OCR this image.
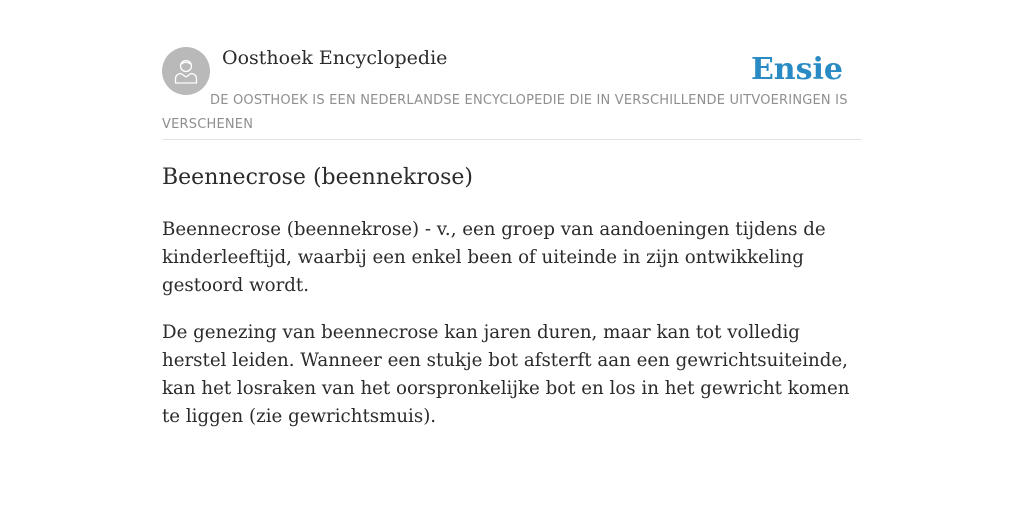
Oosthoek Encyclopedie	Ensie

DE OOSTHOEK IS EEN NEDERLANDSE ENCYCLOPEDIE DIE IN VERSCHILLENDE UITVOERINGEN IS VERSCHENEN

Beennecrose (beennekrose)

Beennecrose (beennekrose) - v., een groep van aandoeningen tijdens de kinderleeftijd, waarbij een enkel been of uiteinde in zijn ontwikkeling gestoord wordt.

De genezing van beennecrose kan jaren duren, maar kan tot volledig herstel leiden. Wanneer een stukje bot afsterft aan een gewrichtsuiteinde, kan het losraken van het oorspronkelijke bot en los in het gewricht komen te liggen (zie gewrichtsmuis).
